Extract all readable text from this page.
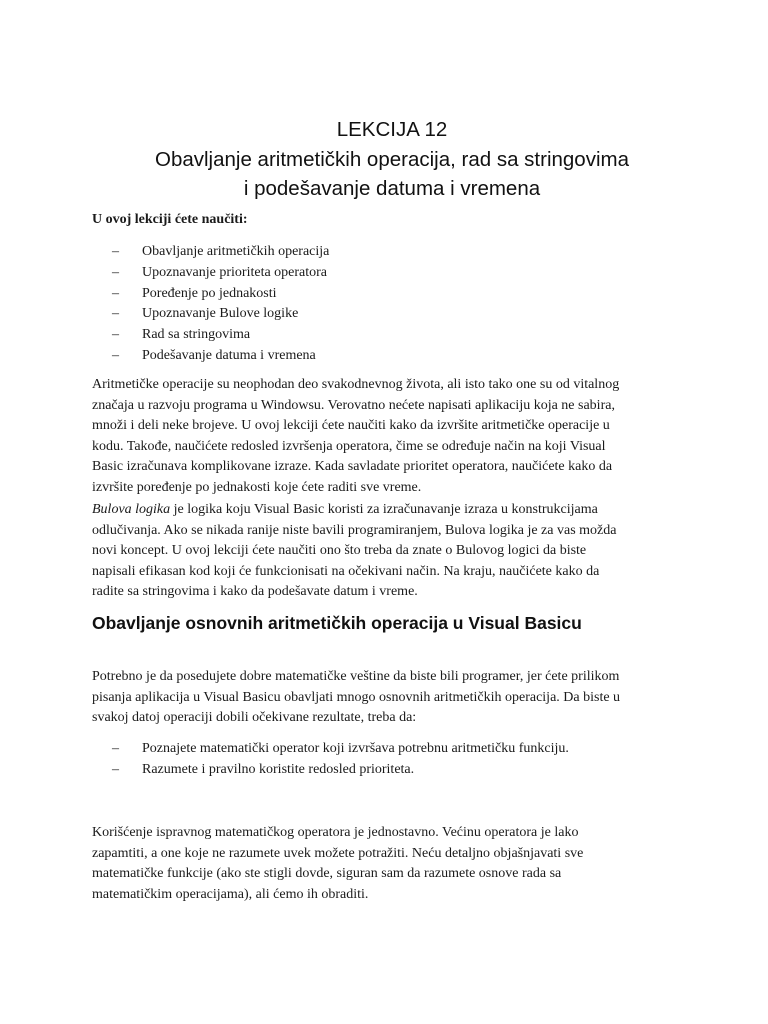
LEKCIJA 12
Obavljanje aritmetičkih operacija, rad sa stringovima
i podešavanje datuma i vremena
U ovoj lekciji ćete naučiti:
– Obavljanje aritmetičkih operacija
– Upoznavanje prioriteta operatora
– Poređenje po jednakosti
– Upoznavanje Bulove logike
– Rad sa stringovima
– Podešavanje datuma i vremena
Aritmetičke operacije su neophodan deo svakodnevnog života, ali isto tako one su od vitalnog
značaja u razvoju programa u Windowsu. Verovatno nećete napisati aplikaciju koja ne sabira,
množi i deli neke brojeve. U ovoj lekciji ćete naučiti kako da izvršite aritmetičke operacije u
kodu. Takođe, naučićete redosled izvršenja operatora, čime se određuje način na koji Visual
Basic izračunava komplikovane izraze. Kada savladate prioritet operatora, naučićete kako da
izvršite poređenje po jednakosti koje ćete raditi sve vreme.
Bulova logika je logika koju Visual Basic koristi za izračunavanje izraza u konstrukcijama
odlučivanja. Ako se nikada ranije niste bavili programiranjem, Bulova logika je za vas možda
novi koncept. U ovoj lekciji ćete naučiti ono što treba da znate o Bulovog logici da biste
napisali efikasan kod koji će funkcionisati na očekivani način. Na kraju, naučićete kako da
radite sa stringovima i kako da podešavate datum i vreme.
Obavljanje osnovnih aritmetičkih operacija u Visual Basicu
Potrebno je da posedujete dobre matematičke veštine da biste bili programer, jer ćete prilikom
pisanja aplikacija u Visual Basicu obavljati mnogo osnovnih aritmetičkih operacija. Da biste u
svakoj datoj operaciji dobili očekivane rezultate, treba da:
– Poznajete matematički operator koji izvršava potrebnu aritmetičku funkciju.
– Razumete i pravilno koristite redosled prioriteta.
Korišćenje ispravnog matematičkog operatora je jednostavno. Većinu operatora je lako
zapamtiti, a one koje ne razumete uvek možete potražiti. Neću detaljno objašnjavati sve
matematičke funkcije (ako ste stigli dovde, siguran sam da razumete osnove rada sa
matematičkim operacijama), ali ćemo ih obraditi.
